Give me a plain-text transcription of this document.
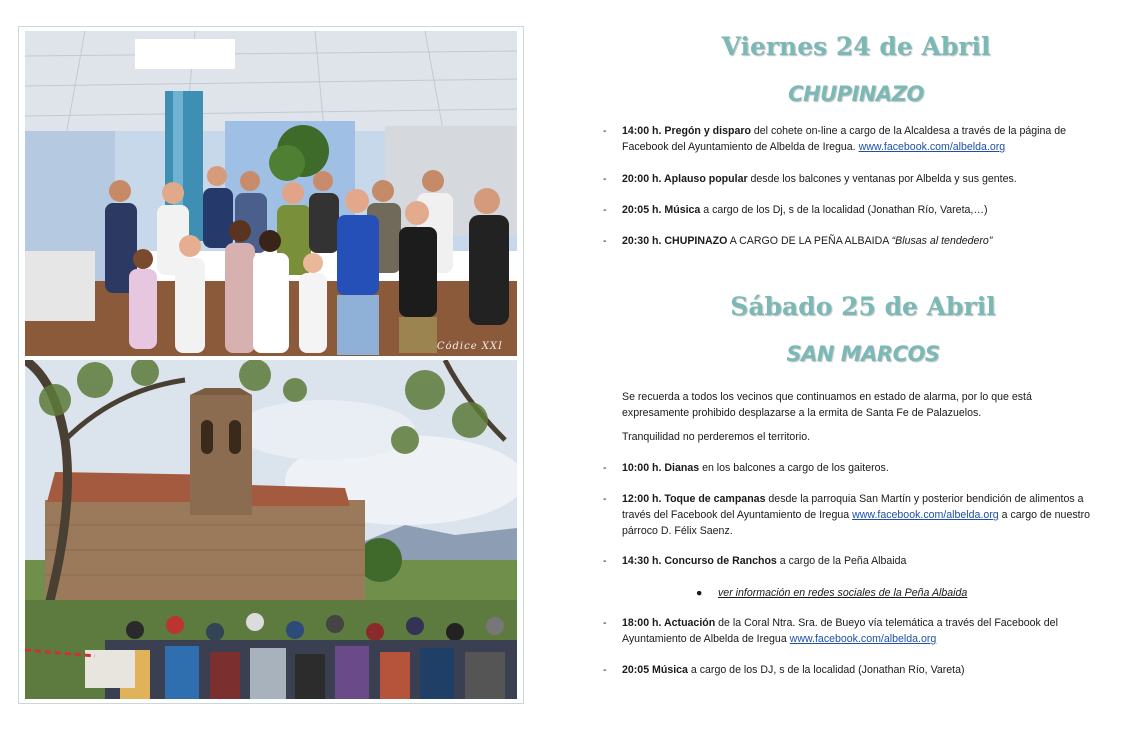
Códice XXI
Viernes 24 de Abril
CHUPINAZO
- 14:00 h. Pregón y disparo del cohete on-line a cargo de la Alcaldesa a través de la página de Facebook del Ayuntamiento de Albelda de Iregua. www.facebook.com/albelda.org
- 20:00 h. Aplauso popular desde los balcones y ventanas por Albelda y sus gentes.
- 20:05 h. Música a cargo de los Dj, s de la localidad (Jonathan Río, Vareta,…)
- 20:30 h. CHUPINAZO A CARGO DE LA PEÑA ALBAIDA “Blusas al tendedero”
Sábado 25 de Abril
SAN MARCOS
Se recuerda a todos los vecinos que continuamos en estado de alarma, por lo que está expresamente prohibido desplazarse a la ermita de Santa Fe de Palazuelos.
Tranquilidad no perderemos el territorio.
- 10:00 h. Dianas en los balcones a cargo de los gaiteros.
- 12:00 h. Toque de campanas desde la parroquia San Martín y posterior bendición de alimentos a través del Facebook del Ayuntamiento de Iregua www.facebook.com/albelda.org a cargo de nuestro párroco D. Félix Saenz.
- 14:30 h. Concurso de Ranchos a cargo de la Peña Albaida
● ver información en redes sociales de la Peña Albaida
- 18:00 h. Actuación de la Coral Ntra. Sra. de Bueyo vía telemática a través del Facebook del Ayuntamiento de Albelda de Iregua www.facebook.com/albelda.org
- 20:05 Música a cargo de los DJ, s de la localidad (Jonathan Río, Vareta)
